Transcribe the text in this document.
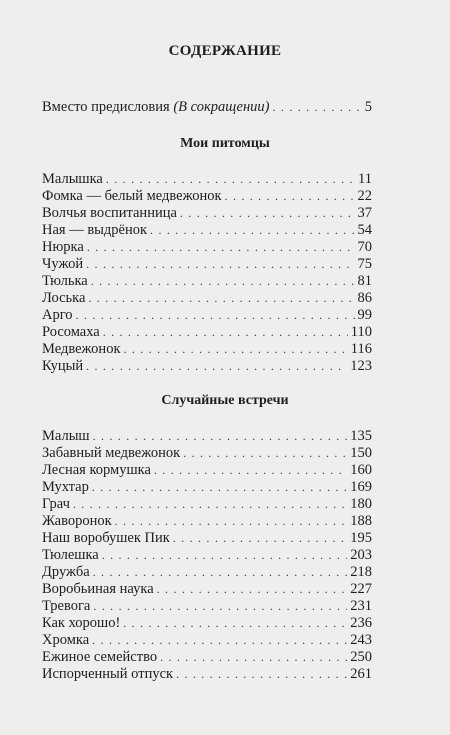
СОДЕРЖАНИЕ
Вместо предисловия (В сокращении) . . .	5
Мои питомцы
Малышка . . .	11
Фомка — белый медвежонок . . .	22
Волчья воспитанница . . .	37
Ная — выдрёнок . . .	54
Нюрка . . .	70
Чужой . . .	75
Тюлька . . .	81
Лоська . . .	86
Арго . . .	99
Росомаха . . .	110
Медвежонок . . .	116
Куцый . . .	123
Случайные встречи
Малыш . . .	135
Забавный медвежонок . . .	150
Лесная кормушка . . .	160
Мухтар . . .	169
Грач . . .	180
Жаворонок . . .	188
Наш воробушек Пик . . .	195
Тюлешка . . .	203
Дружба . . .	218
Воробьиная наука . . .	227
Тревога . . .	231
Как хорошо! . . .	236
Хромка . . .	243
Ежиное семейство . . .	250
Испорченный отпуск . . .	261
